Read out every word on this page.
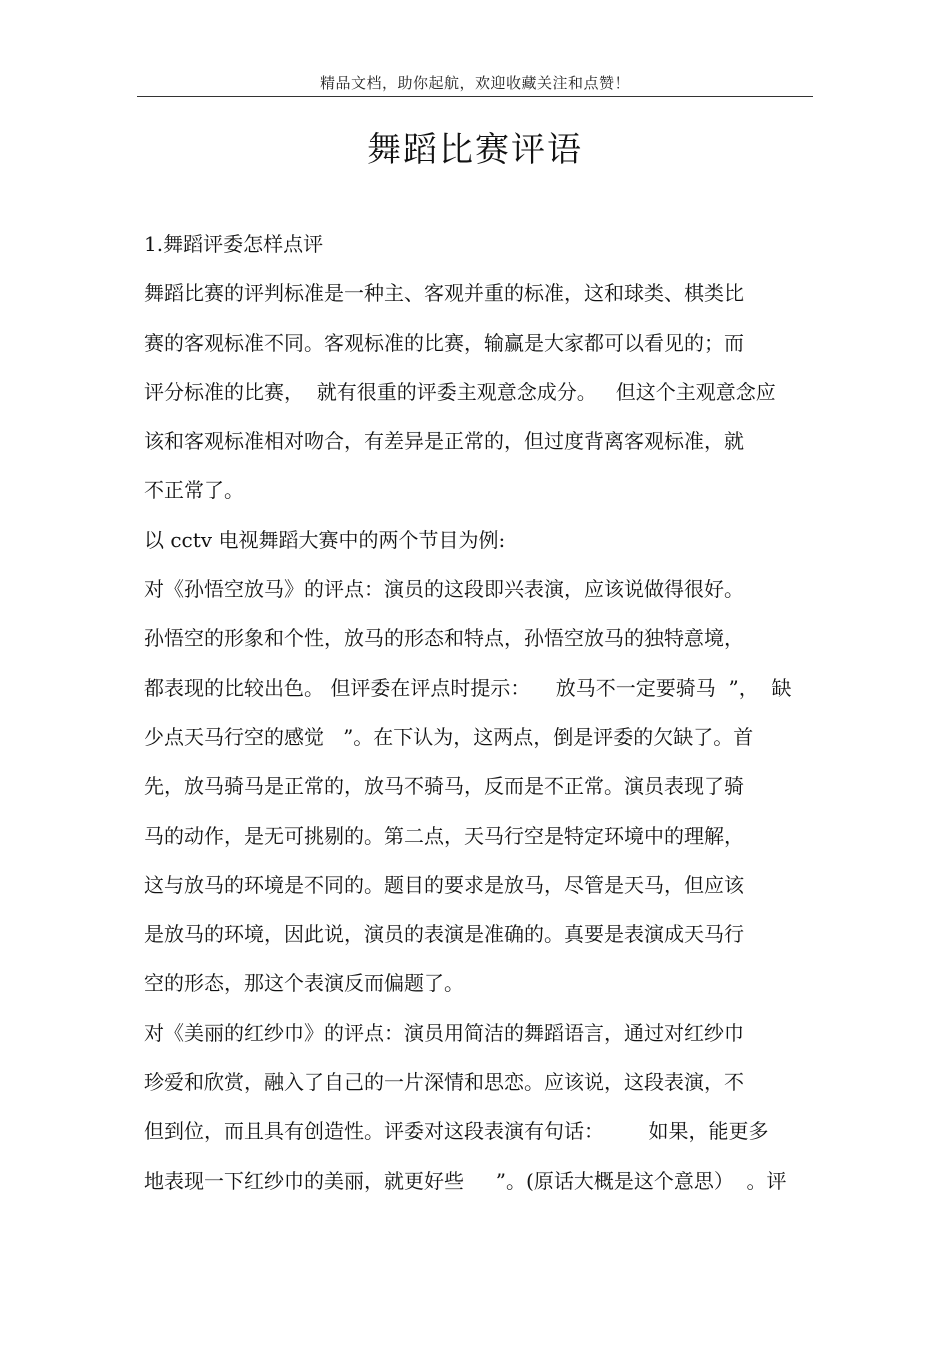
精品文档，助你起航，欢迎收藏关注和点赞！
舞蹈比赛评语
1.舞蹈评委怎样点评
舞蹈比赛的评判标准是一种主、客观并重的标准，这和球类、棋类比
赛的客观标准不同。客观标准的比赛，输赢是大家都可以看见的；而
评分标准的比赛，  就有很重的评委主观意念成分。   但这个主观意念应
该和客观标准相对吻合，有差异是正常的，但过度背离客观标准，就
不正常了。
以 cctv 电视舞蹈大赛中的两个节目为例:
对《孙悟空放马》的评点：演员的这段即兴表演，应该说做得很好。
孙悟空的形象和个性，放马的形态和特点，孙悟空放马的独特意境，
都表现的比较出色。 但评委在评点时提示：    放马不一定要骑马  ”，  缺
少点天马行空的感觉   ”。在下认为，这两点，倒是评委的欠缺了。首
先，放马骑马是正常的，放马不骑马，反而是不正常。演员表现了骑
马的动作，是无可挑剔的。第二点，天马行空是特定环境中的理解，
这与放马的环境是不同的。题目的要求是放马，尽管是天马，但应该
是放马的环境，因此说，演员的表演是准确的。真要是表演成天马行
空的形态，那这个表演反而偏题了。
对《美丽的红纱巾》的评点：演员用简洁的舞蹈语言，通过对红纱巾
珍爱和欣赏，融入了自己的一片深情和思恋。应该说，这段表演，不
但到位，而且具有创造性。评委对这段表演有句话：       如果，能更多
地表现一下红纱巾的美丽，就更好些     ”。(原话大概是这个意思）  。评
